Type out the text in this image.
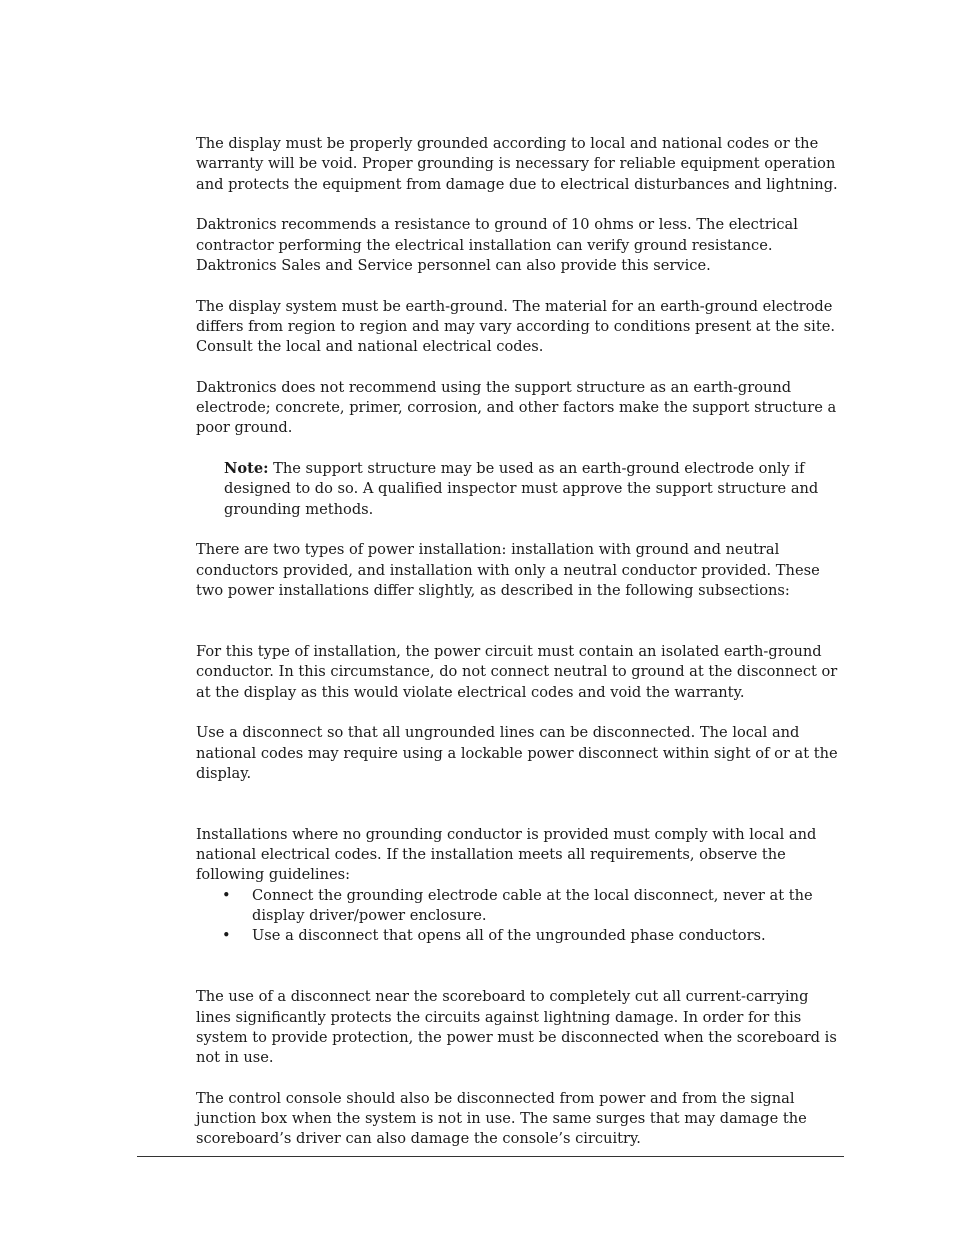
The display must be properly grounded according to local and national codes or the warranty will be void. Proper grounding is necessary for reliable equipment operation and protects the equipment from damage due to electrical disturbances and lightning.

Daktronics recommends a resistance to ground of 10 ohms or less. The electrical contractor performing the electrical installation can verify ground resistance. Daktronics Sales and Service personnel can also provide this service.

The display system must be earth-ground. The material for an earth-ground electrode differs from region to region and may vary according to conditions present at the site. Consult the local and national electrical codes.

Daktronics does not recommend using the support structure as an earth-ground electrode; concrete, primer, corrosion, and other factors make the support structure a poor ground.

Note: The support structure may be used as an earth-ground electrode only if designed to do so. A qualified inspector must approve the support structure and grounding methods.

There are two types of power installation: installation with ground and neutral conductors provided, and installation with only a neutral conductor provided. These two power installations differ slightly, as described in the following subsections:

For this type of installation, the power circuit must contain an isolated earth-ground conductor. In this circumstance, do not connect neutral to ground at the disconnect or at the display as this would violate electrical codes and void the warranty.

Use a disconnect so that all ungrounded lines can be disconnected. The local and national codes may require using a lockable power disconnect within sight of or at the display.

Installations where no grounding conductor is provided must comply with local and national electrical codes. If the installation meets all requirements, observe the following guidelines:

• Connect the grounding electrode cable at the local disconnect, never at the display driver/power enclosure.
• Use a disconnect that opens all of the ungrounded phase conductors.

The use of a disconnect near the scoreboard to completely cut all current-carrying lines significantly protects the circuits against lightning damage. In order for this system to provide protection, the power must be disconnected when the scoreboard is not in use.

The control console should also be disconnected from power and from the signal junction box when the system is not in use. The same surges that may damage the scoreboard’s driver can also damage the console’s circuitry.
